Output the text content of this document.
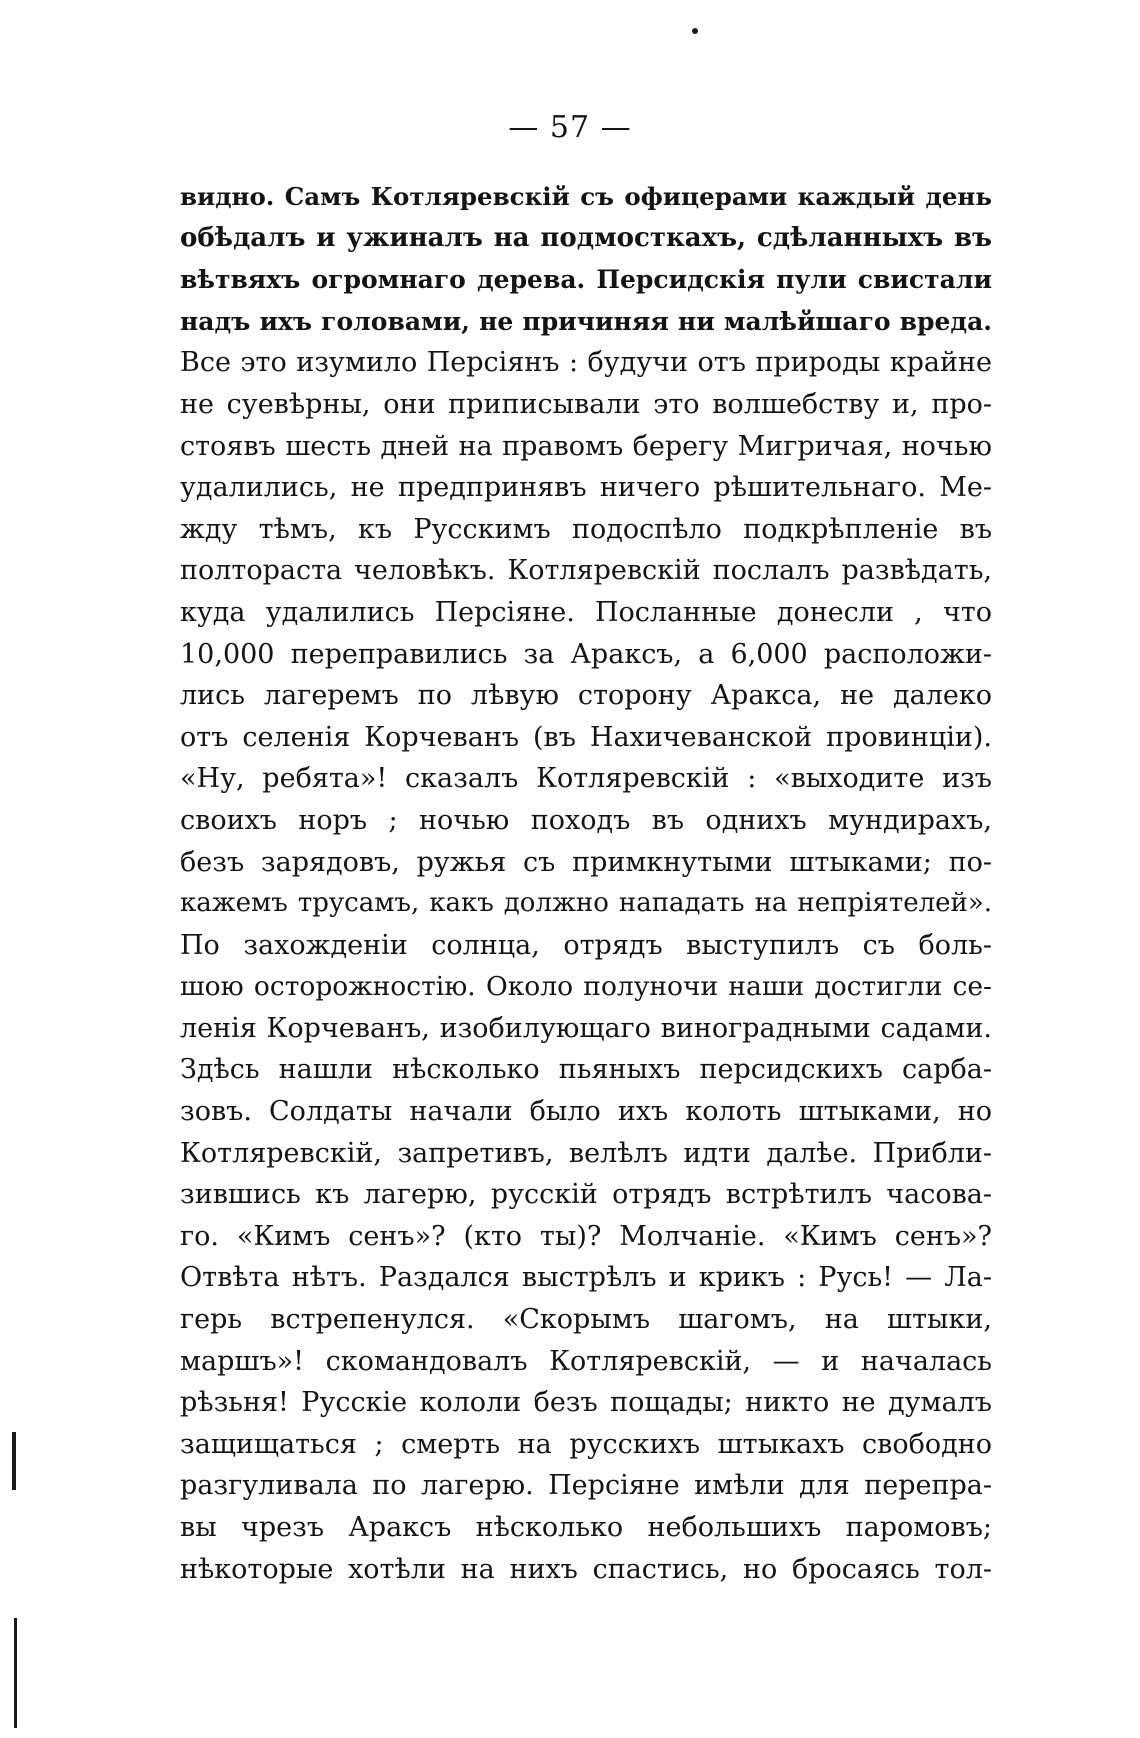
— 57 —
видно. Самъ Котляревскій съ офицерами каждый день
обѣдалъ и ужиналъ на подмосткахъ, сдѣланныхъ въ
вѣтвяхъ огромнаго дерева. Персидскія пули свистали
надъ ихъ головами, не причиняя ни малѣйшаго вреда.
Все это изумило Персіянъ : будучи отъ природы крайне
не суевѣрны, они приписывали это волшебству и, про-
стоявъ шесть дней на правомъ берегу Мигричая, ночью
удалились, не предпринявъ ничего рѣшительнаго. Ме-
жду тѣмъ, къ Русскимъ подоспѣло подкрѣпленіе въ
полтораста человѣкъ. Котляревскій послалъ развѣдать,
куда удалились Персіяне. Посланные донесли , что
10,000 переправились за Араксъ, а 6,000 расположи-
лись лагеремъ по лѣвую сторону Аракса, не далеко
отъ селенія Корчеванъ (въ Нахичеванской провинціи).
«Ну, ребята»! сказалъ Котляревскій : «выходите изъ
своихъ норъ ; ночью походъ въ однихъ мундирахъ,
безъ зарядовъ, ружья съ примкнутыми штыками; по-
кажемъ трусамъ, какъ должно нападать на непріятелей».
По захожденіи солнца, отрядъ выступилъ съ боль-
шою осторожностію. Около полуночи наши достигли се-
ленія Корчеванъ, изобилующаго виноградными садами.
Здѣсь нашли нѣсколько пьяныхъ персидскихъ сарба-
зовъ. Солдаты начали было ихъ колоть штыками, но
Котляревскій, запретивъ, велѣлъ идти далѣе. Прибли-
зившись къ лагерю, русскій отрядъ встрѣтилъ часова-
го. «Кимъ сенъ»? (кто ты)? Молчаніе. «Кимъ сенъ»?
Отвѣта нѣтъ. Раздался выстрѣлъ и крикъ : Русь! — Ла-
герь встрепенулся. «Скорымъ шагомъ, на штыки,
маршъ»! скомандовалъ Котляревскій, — и началась
рѣзьня! Русскіе кололи безъ пощады; никто не думалъ
защищаться ; смерть на русскихъ штыкахъ свободно
разгуливала по лагерю. Персіяне имѣли для перепра-
вы чрезъ Араксъ нѣсколько небольшихъ паромовъ;
нѣкоторые хотѣли на нихъ спастись, но бросаясь тол-
